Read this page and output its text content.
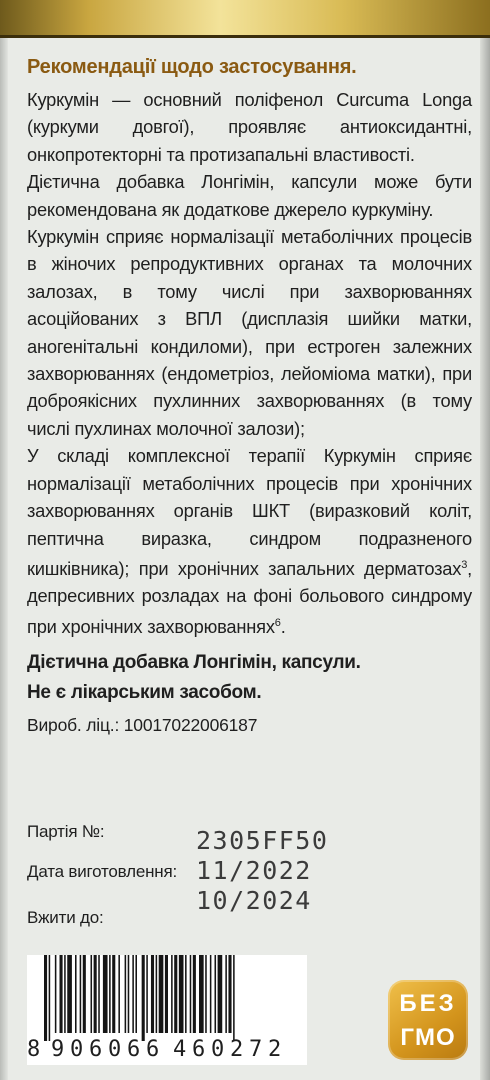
Рекомендації щодо застосування.

Куркумін — основний поліфенол Curcuma Longa (куркуми довгої), проявляє антиоксидантні, онкопротекторні та протизапальні властивості.

Дієтична добавка Лонгімін, капсули може бути рекомендована як додаткове джерело куркуміну.

Куркумін сприяє нормалізації метаболічних процесів в жіночих репродуктивних органах та молочних залозах, в тому числі при захворюваннях асоційованих з ВПЛ (дисплазія шийки матки, аногенітальні кондиломи), при естроген залежних захворюваннях (ендометріоз, лейоміома матки), при доброякісних пухлинних захворюваннях (в тому числі пухлинах молочної залози);

У складі комплексної терапії Куркумін сприяє нормалізації метаболічних процесів при хронічних захворюваннях органів ШКТ (виразковий коліт, пептична виразка, синдром подразненого кишківника); при хронічних запальних дерматозах$^3$, депресивних розладах на фоні больового синдрому при хронічних захворюваннях$^6$.

Дієтична добавка Лонгімін, капсули.

Не є лікарським засобом.

Вироб. ліц.: 10017022006187

Партія №:	2305FF50
Дата виготовлення: 11/2022
Вжити до:
10/2024
8 9 0 6 0 6 6 4 6 0 2 7 2
БЕЗ
ГМО
